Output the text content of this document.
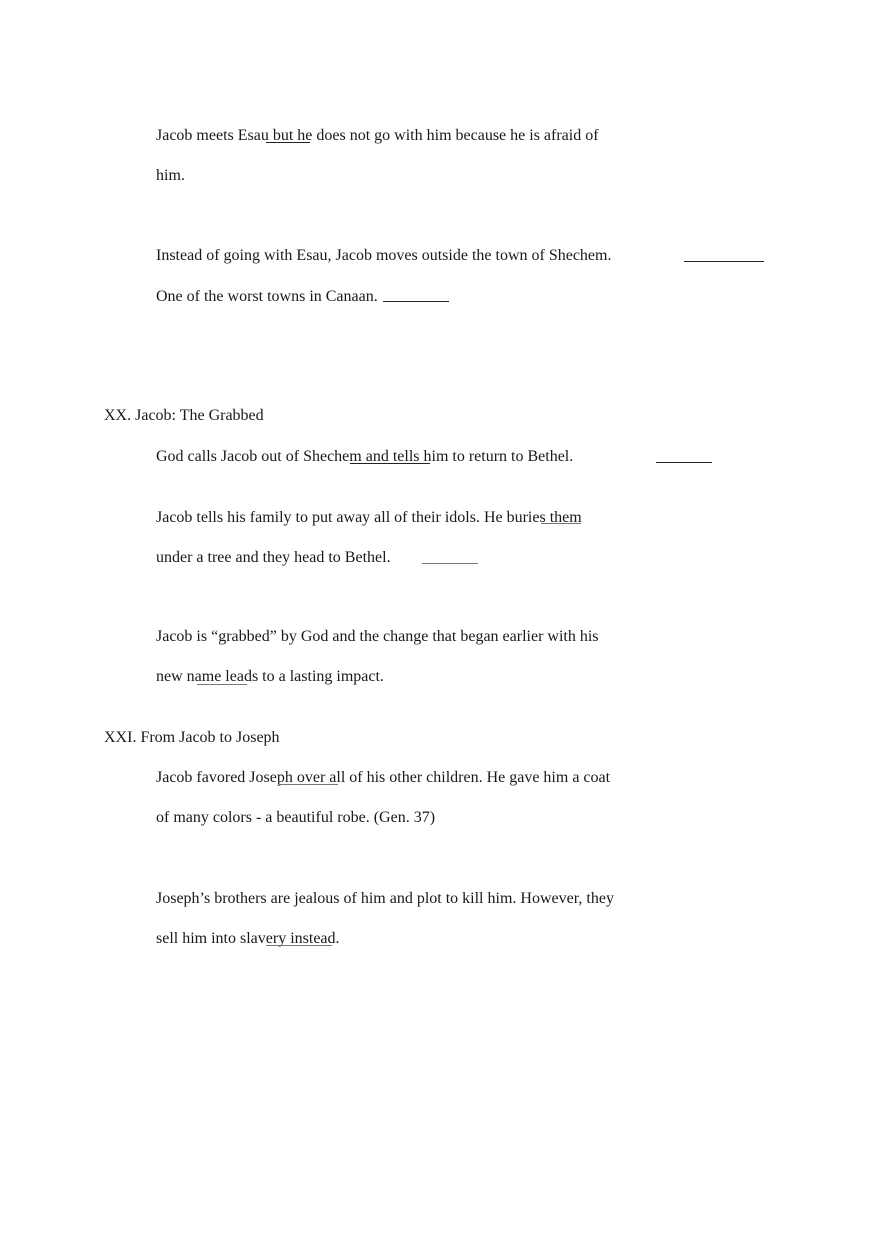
Jacob meets Esau but he does not go with him because he is afraid of
him.
Instead of going with Esau, Jacob moves outside the town of Shechem.
One of the worst towns in Canaan.
XX. Jacob: The Grabbed
God calls Jacob out of Shechem and tells him to return to Bethel.
Jacob tells his family to put away all of their idols. He buries them
under a tree and they head to Bethel.
Jacob is “grabbed” by God and the change that began earlier with his
new name leads to a lasting impact.
XXI. From Jacob to Joseph
Jacob favored Joseph over all of his other children. He gave him a coat
of many colors - a beautiful robe. (Gen. 37)
Joseph’s brothers are jealous of him and plot to kill him. However, they
sell him into slavery instead.
